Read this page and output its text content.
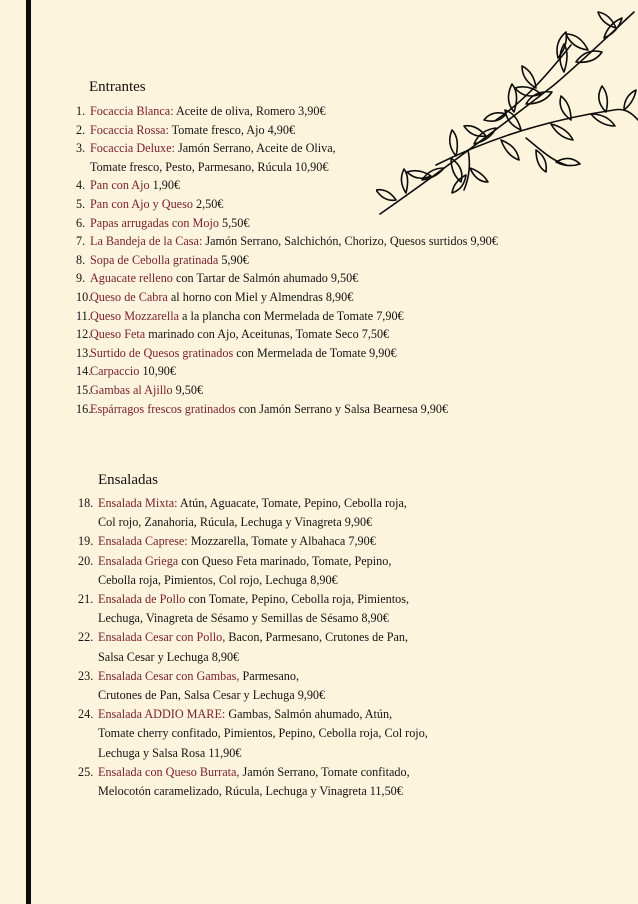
Entrantes
1. Focaccia Blanca: Aceite de oliva, Romero 3,90€
2. Focaccia Rossa: Tomate fresco, Ajo 4,90€
3. Focaccia Deluxe: Jamón Serrano, Aceite de Oliva,
Tomate fresco, Pesto, Parmesano, Rúcula 10,90€
4. Pan con Ajo 1,90€
5. Pan con Ajo y Queso 2,50€
6. Papas arrugadas con Mojo 5,50€
7. La Bandeja de la Casa: Jamón Serrano, Salchichón, Chorizo, Quesos surtidos 9,90€
8. Sopa de Cebolla gratinada 5,90€
9. Aguacate relleno con Tartar de Salmón ahumado 9,50€
10.
Queso de Cabra al horno con Miel y Almendras 8,90€
11. Queso Mozzarella a la plancha con Mermelada de Tomate 7,90€
12.
Queso Feta marinado con Ajo, Aceitunas, Tomate Seco 7,50€
13.
Surtido de Quesos gratinados con Mermelada de Tomate 9,90€
14.
Carpaccio 10,90€
15.
Gambas al Ajillo 9,50€
16.
Espárragos frescos gratinados con Jamón Serrano y Salsa Bearnesa 9,90€
Ensaladas
18. Ensalada Mixta: Atún, Aguacate, Tomate, Pepino, Cebolla roja,
Col rojo, Zanahoria, Rúcula, Lechuga y Vinagreta 9,90€
19. Ensalada Caprese: Mozzarella, Tomate y Albahaca 7,90€
20. Ensalada Griega con Queso Feta marinado, Tomate, Pepino,
Cebolla roja, Pimientos, Col rojo, Lechuga 8,90€
21. Ensalada de Pollo con Tomate, Pepino, Cebolla roja, Pimientos,
Lechuga, Vinagreta de Sésamo y Semillas de Sésamo 8,90€
22. Ensalada Cesar con Pollo, Bacon, Parmesano, Crutones de Pan,
Salsa Cesar y Lechuga 8,90€
23. Ensalada Cesar con Gambas, Parmesano,
Crutones de Pan, Salsa Cesar y Lechuga 9,90€
24. Ensalada ADDIO MARE: Gambas, Salmón ahumado, Atún,
Tomate cherry confitado, Pimientos, Pepino, Cebolla roja, Col rojo,
Lechuga y Salsa Rosa 11,90€
25. Ensalada con Queso Burrata, Jamón Serrano, Tomate confitado,
Melocotón caramelizado, Rúcula, Lechuga y Vinagreta 11,50€
